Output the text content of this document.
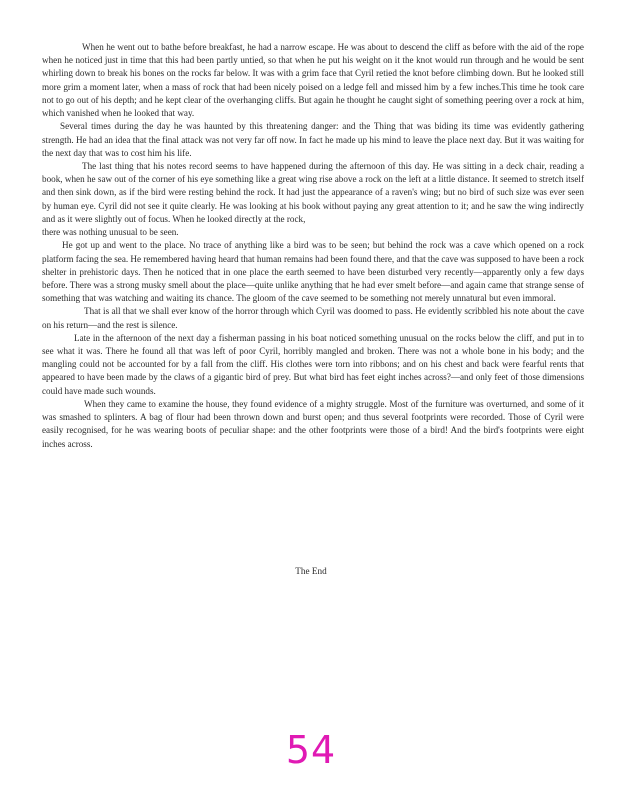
When he went out to bathe before breakfast, he had a narrow escape. He was about to descend the cliff as before with the aid of the rope when he noticed just in time that this had been partly untied, so that when he put his weight on it the knot would run through and he would be sent whirling down to break his bones on the rocks far below. It was with a grim face that Cyril retied the knot before climbing down. But he looked still more grim a moment later, when a mass of rock that had been nicely poised on a ledge fell and missed him by a few inches.This time he took care not to go out of his depth; and he kept clear of the overhanging cliffs. But again he thought he caught sight of something peering over a rock at him, which vanished when he looked that way.

Several times during the day he was haunted by this threatening danger: and the Thing that was biding its time was evidently gathering strength. He had an idea that the final attack was not very far off now. In fact he made up his mind to leave the place next day. But it was waiting for the next day that was to cost him his life.

The last thing that his notes record seems to have happened during the afternoon of this day. He was sitting in a deck chair, reading a book, when he saw out of the corner of his eye something like a great wing rise above a rock on the left at a little distance. It seemed to stretch itself and then sink down, as if the bird were resting behind the rock. It had just the appearance of a raven's wing; but no bird of such size was ever seen by human eye. Cyril did not see it quite clearly. He was looking at his book without paying any great attention to it; and he saw the wing indirectly and as it were slightly out of focus. When he looked directly at the rock,

there was nothing unusual to be seen.

He got up and went to the place. No trace of anything like a bird was to be seen; but behind the rock was a cave which opened on a rock platform facing the sea. He remembered having heard that human remains had been found there, and that the cave was supposed to have been a rock shelter in prehistoric days. Then he noticed that in one place the earth seemed to have been disturbed very recently—apparently only a few days before. There was a strong musky smell about the place—quite unlike anything that he had ever smelt before—and again came that strange sense of something that was watching and waiting its chance. The gloom of the cave seemed to be something not merely unnatural but even immoral.

That is all that we shall ever know of the horror through which Cyril was doomed to pass. He evidently scribbled his note about the cave on his return—and the rest is silence.

Late in the afternoon of the next day a fisherman passing in his boat noticed something unusual on the rocks below the cliff, and put in to see what it was. There he found all that was left of poor Cyril, horribly mangled and broken. There was not a whole bone in his body; and the mangling could not be accounted for by a fall from the cliff. His clothes were torn into ribbons; and on his chest and back were fearful rents that appeared to have been made by the claws of a gigantic bird of prey. But what bird has feet eight inches across?—and only feet of those dimensions could have made such wounds.

When they came to examine the house, they found evidence of a mighty struggle. Most of the furniture was overturned, and some of it was smashed to splinters. A bag of flour had been thrown down and burst open; and thus several footprints were recorded. Those of Cyril were easily recognised, for he was wearing boots of peculiar shape: and the other footprints were those of a bird! And the bird's footprints were eight inches across.

The End
54
